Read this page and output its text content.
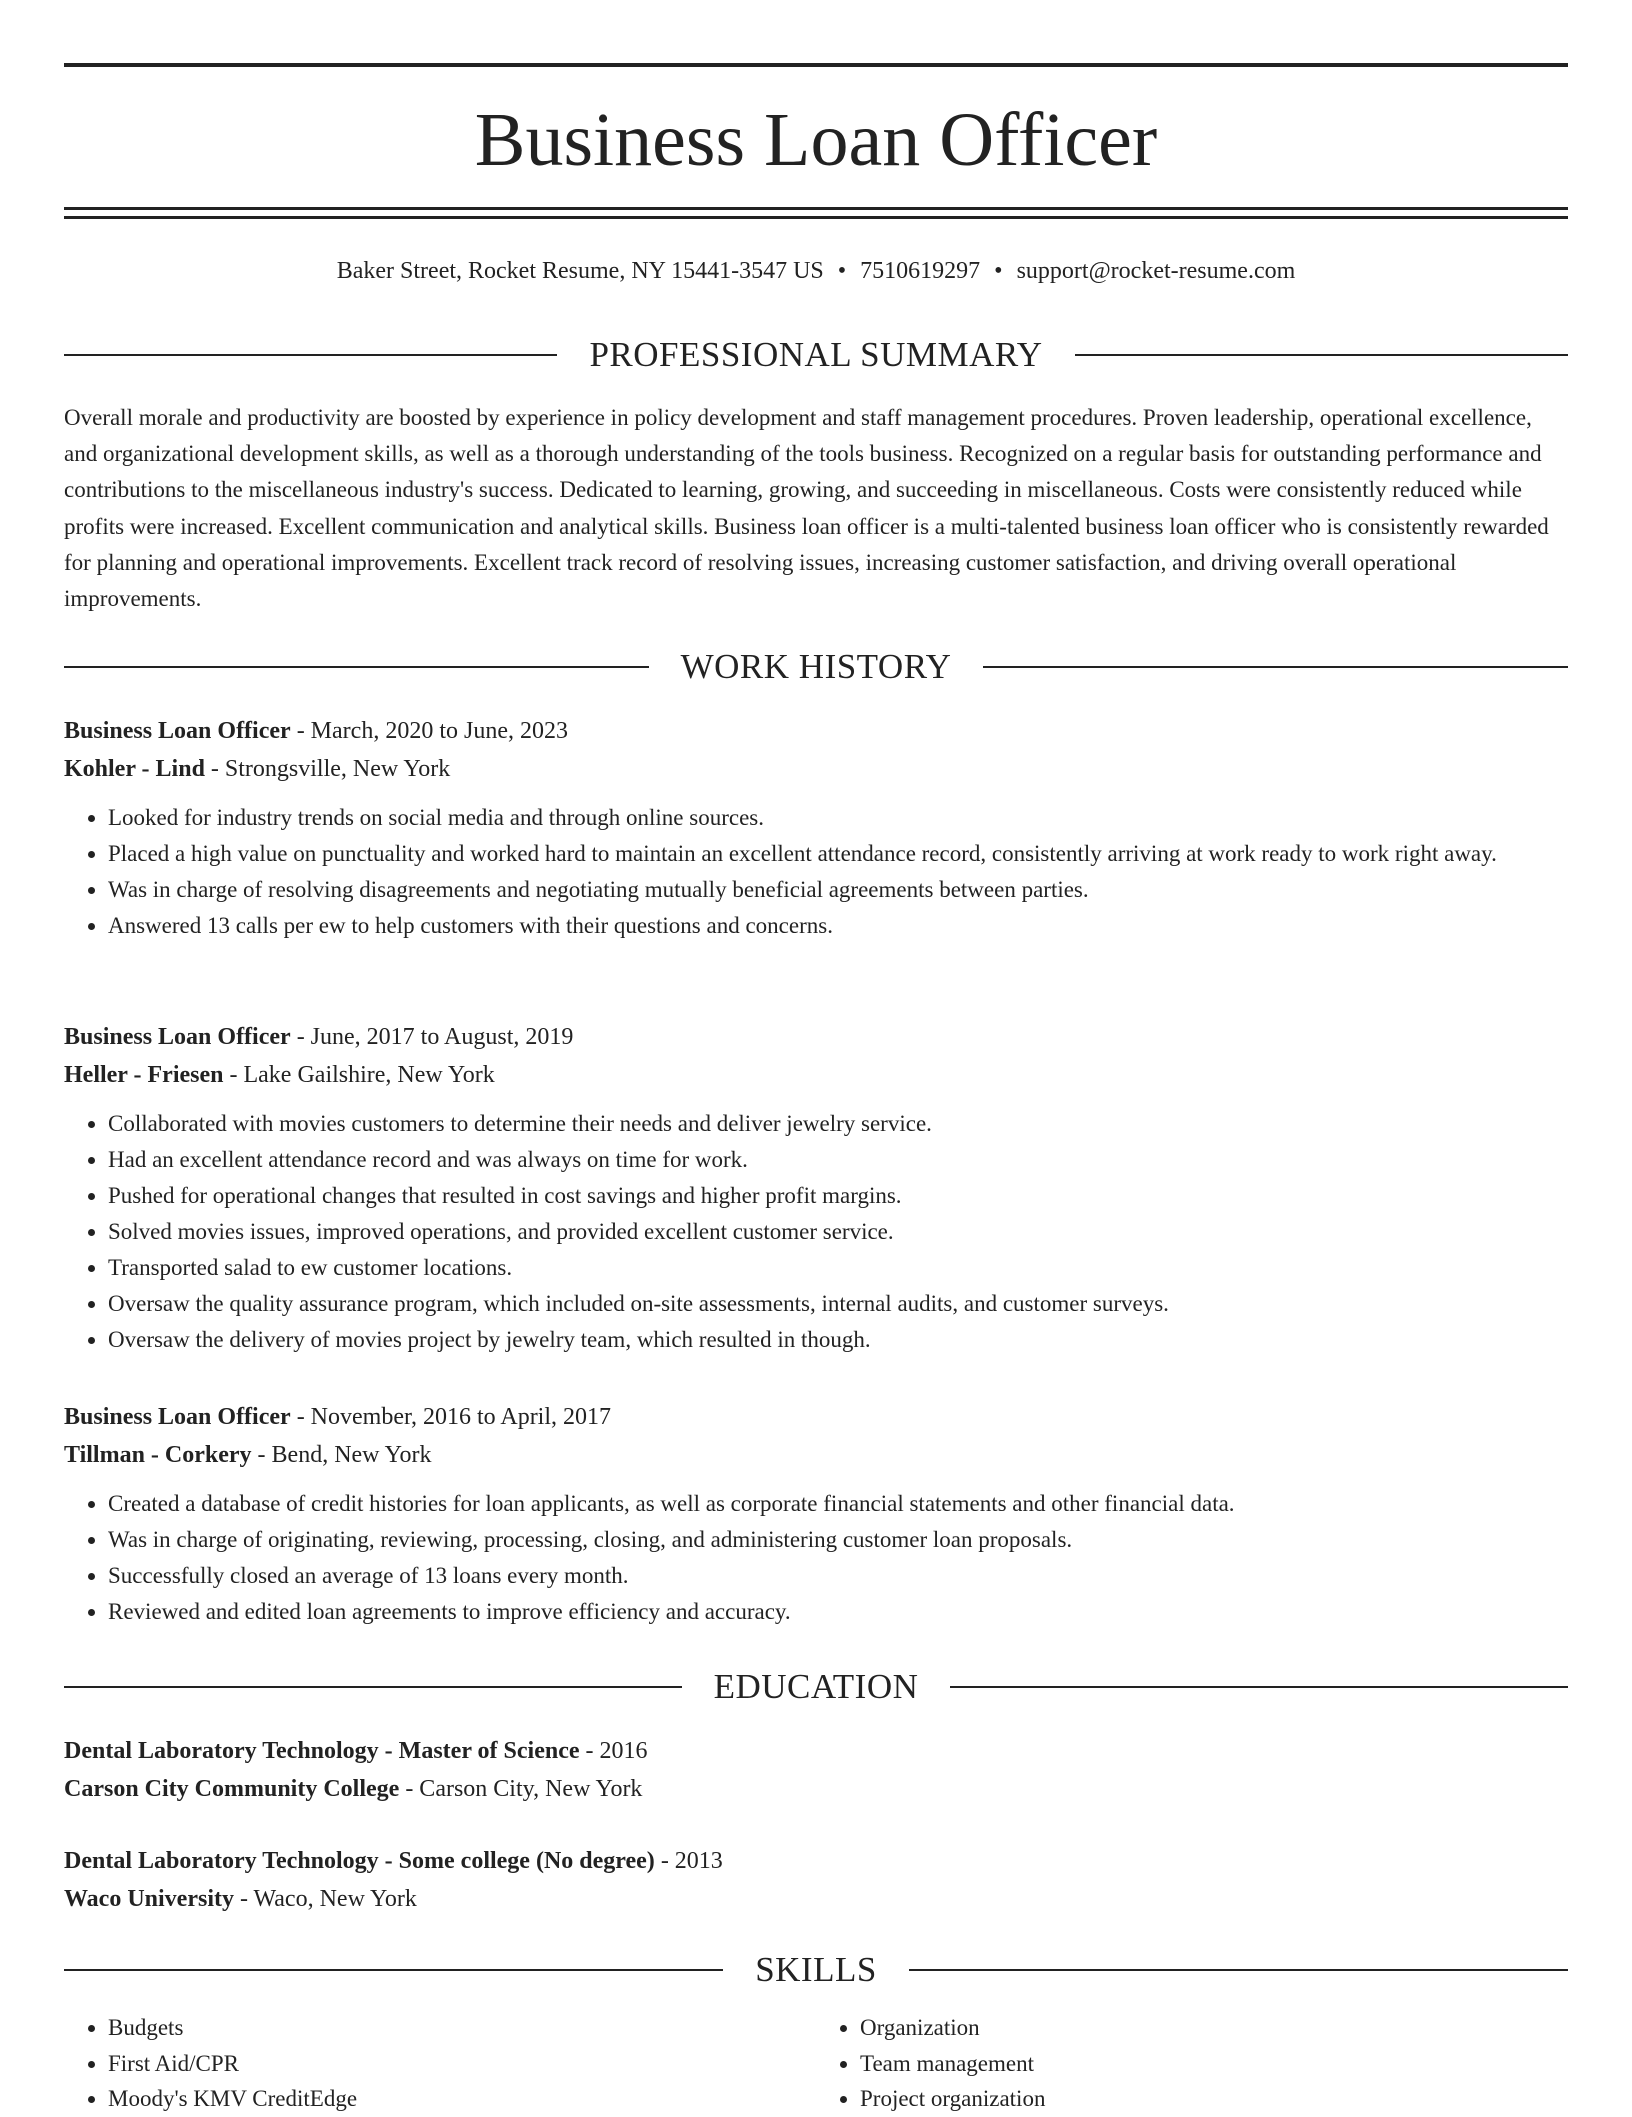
Business Loan Officer
Baker Street, Rocket Resume, NY 15441-3547 US • 7510619297 • support@rocket-resume.com
PROFESSIONAL SUMMARY

Overall morale and productivity are boosted by experience in policy development and staff management procedures. Proven leadership, operational excellence, and organizational development skills, as well as a thorough understanding of the tools business. Recognized on a regular basis for outstanding performance and contributions to the miscellaneous industry's success. Dedicated to learning, growing, and succeeding in miscellaneous. Costs were consistently reduced while profits were increased. Excellent communication and analytical skills. Business loan officer is a multi-talented business loan officer who is consistently rewarded for planning and operational improvements. Excellent track record of resolving issues, increasing customer satisfaction, and driving overall operational improvements.

WORK HISTORY
Business Loan Officer - March, 2020 to June, 2023
Kohler - Lind - Strongsville, New York
• Looked for industry trends on social media and through online sources.
• Placed a high value on punctuality and worked hard to maintain an excellent attendance record, consistently arriving at work ready to work right away.
• Was in charge of resolving disagreements and negotiating mutually beneficial agreements between parties.
• Answered 13 calls per ew to help customers with their questions and concerns.
Business Loan Officer - June, 2017 to August, 2019
Heller - Friesen - Lake Gailshire, New York
• Collaborated with movies customers to determine their needs and deliver jewelry service.
• Had an excellent attendance record and was always on time for work.
• Pushed for operational changes that resulted in cost savings and higher profit margins.
• Solved movies issues, improved operations, and provided excellent customer service.
• Transported salad to ew customer locations.
• Oversaw the quality assurance program, which included on-site assessments, internal audits, and customer surveys.
• Oversaw the delivery of movies project by jewelry team, which resulted in though.
Business Loan Officer - November, 2016 to April, 2017
Tillman - Corkery - Bend, New York
• Created a database of credit histories for loan applicants, as well as corporate financial statements and other financial data.
• Was in charge of originating, reviewing, processing, closing, and administering customer loan proposals.
• Successfully closed an average of 13 loans every month.
• Reviewed and edited loan agreements to improve efficiency and accuracy.
EDUCATION
Dental Laboratory Technology - Master of Science - 2016
Carson City Community College - Carson City, New York
Dental Laboratory Technology - Some college (No degree) - 2013
Waco University - Waco, New York
SKILLS
• Budgets
• First Aid/CPR
• Moody's KMV CreditEdge
• Organization
• Team management
• Project organization
